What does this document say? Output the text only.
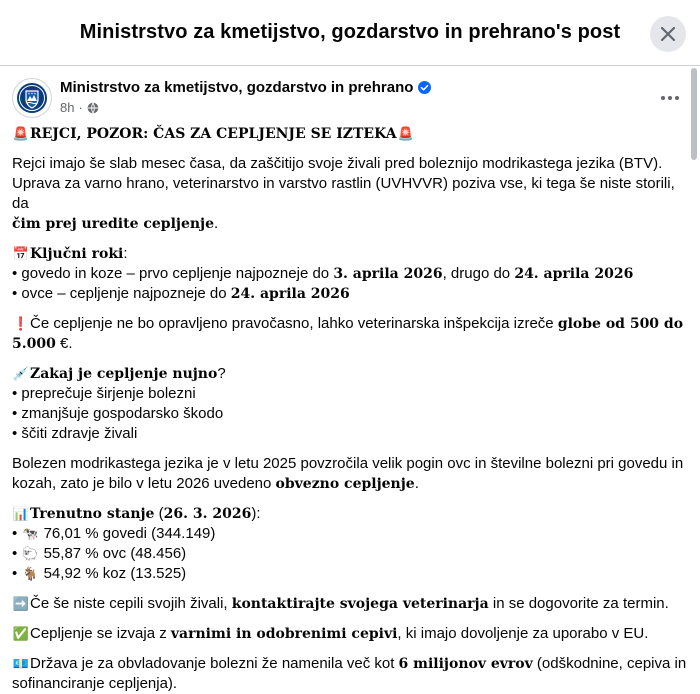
Ministrstvo za kmetijstvo, gozdarstvo in prehrano's post
Ministrstvo za kmetijstvo, gozdarstvo in prehrano
8h ·

🚨REJCI, POZOR: ČAS ZA CEPLJENJE SE IZTEKA🚨

Rejci imajo še slab mesec časa, da zaščitijo svoje živali pred boleznijo modrikastega jezika (BTV).
Uprava za varno hrano, veterinarstvo in varstvo rastlin (UVHVVR) poziva vse, ki tega še niste storili, da
čim prej uredite cepljenje.

📅Ključni roki:
• govedo in koze – prvo cepljenje najpozneje do 3. aprila 2026, drugo do 24. aprila 2026
• ovce – cepljenje najpozneje do 24. aprila 2026

❗Če cepljenje ne bo opravljeno pravočasno, lahko veterinarska inšpekcija izreče globe od 500 do
5.000 €.

💉Zakaj je cepljenje nujno?
• preprečuje širjenje bolezni
• zmanjšuje gospodarsko škodo
• ščiti zdravje živali

Bolezen modrikastega jezika je v letu 2025 povzročila velik pogin ovc in številne bolezni pri govedu in
kozah, zato je bilo v letu 2026 uvedeno obvezno cepljenje.

📊Trenutno stanje (26. 3. 2026):
• 🐄 76,01 % govedi (344.149)
• 🐑 55,87 % ovc (48.456)
• 🐐 54,92 % koz (13.525)

➡️Če še niste cepili svojih živali, kontaktirajte svojega veterinarja in se dogovorite za termin.

✅Cepljenje se izvaja z varnimi in odobrenimi cepivi, ki imajo dovoljenje za uporabo v EU.

💶Država je za obvladovanje bolezni že namenila več kot 6 milijonov evrov (odškodnine, cepiva in
sofinanciranje cepljenja).
